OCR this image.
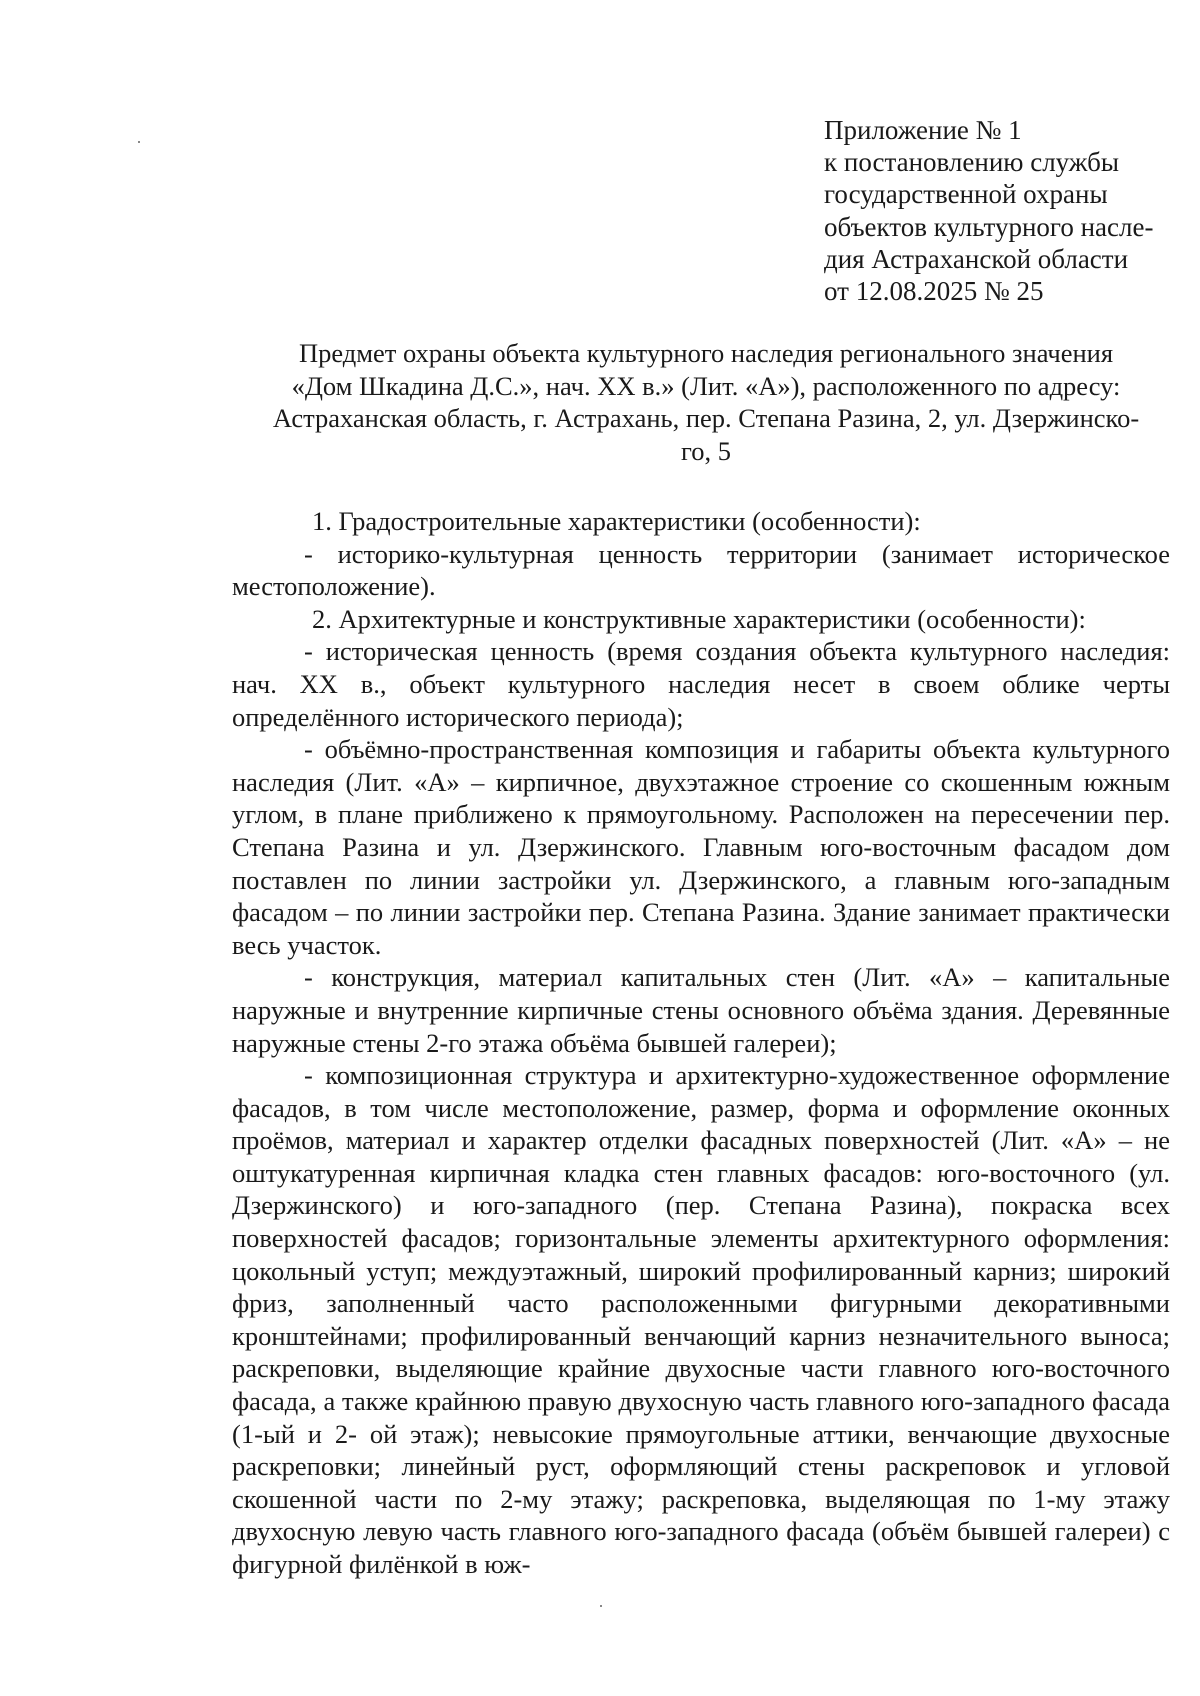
Приложение № 1
к постановлению службы
государственной охраны
объектов культурного насле-
дия Астраханской области
от 12.08.2025 № 25
Предмет охраны объекта культурного наследия регионального значения
«Дом Шкадина Д.С.», нач. XX в.» (Лит. «А»), расположенного по адресу:
Астраханская область, г. Астрахань, пер. Степана Разина, 2, ул. Дзержинско-
го, 5

1. Градостроительные характеристики (особенности):

- историко-культурная ценность территории (занимает историческое местоположение).

2. Архитектурные и конструктивные характеристики (особенности):

- историческая ценность (время создания объекта культурного наследия: нач. XX в., объект культурного наследия несет в своем облике черты определённого исторического периода);

- объёмно-пространственная композиция и габариты объекта культурного наследия (Лит. «А» – кирпичное, двухэтажное строение со скошенным южным углом, в плане приближено к прямоугольному. Расположен на пересечении пер. Степана Разина и ул. Дзержинского. Главным юго-восточным фасадом дом поставлен по линии застройки ул. Дзержинского, а главным юго-западным фасадом – по линии застройки пер. Степана Разина. Здание занимает практически весь участок.

- конструкция, материал капитальных стен (Лит. «А» – капитальные наружные и внутренние кирпичные стены основного объёма здания. Деревянные наружные стены 2-го этажа объёма бывшей галереи);

- композиционная структура и архитектурно-художественное оформление фасадов, в том числе местоположение, размер, форма и оформление оконных проёмов, материал и характер отделки фасадных поверхностей (Лит. «А» – не оштукатуренная кирпичная кладка стен главных фасадов: юго-восточного (ул. Дзержинского) и юго-западного (пер. Степана Разина), покраска всех поверхностей фасадов; горизонтальные элементы архитектурного оформления: цокольный уступ; междуэтажный, широкий профилированный карниз; широкий фриз, заполненный часто расположенными фигурными декоративными кронштейнами; профилированный венчающий карниз незначительного выноса; раскреповки, выделяющие крайние двухосные части главного юго-восточного фасада, а также крайнюю правую двухосную часть главного юго-западного фасада (1-ый и 2- ой этаж); невысокие прямоугольные аттики, венчающие двухосные раскреповки; линейный руст, оформляющий стены раскреповок и угловой скошенной части по 2-му этажу; раскреповка, выделяющая по 1-му этажу двухосную левую часть главного юго-западного фасада (объём бывшей галереи) с фигурной филёнкой в юж-
